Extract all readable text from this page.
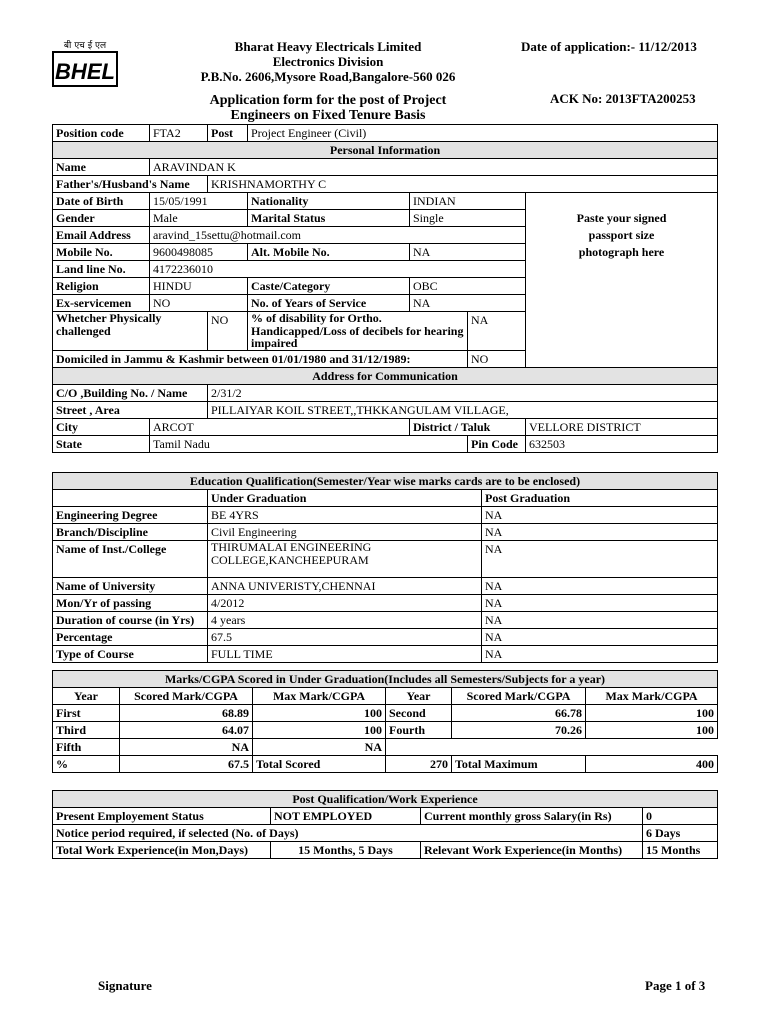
बी एच ई एल
BHEL
Bharat Heavy Electricals Limited
Electronics Division
P.B.No. 2606,Mysore Road,Bangalore-560 026
Date of application:- 11/12/2013
Application form for the post of Project
Engineers on Fixed Tenure Basis
ACK No: 2013FTA200253
Position code	FTA2	Post	Project Engineer (Civil)			
Personal Information						
Name	ARAVINDAN K					
Father's/Husband's Name		KRISHNAMORTHY C				
Date of Birth	15/05/1991		Nationality	INDIAN		
Gender	Male		Marital Status	Single		Paste your signed passport size photograph here

Email Address	aravind_15settu@hotmail.com					
Mobile No.	9600498085		Alt. Mobile No.	NA		
Land line No.	4172236010					
Religion	HINDU		Caste/Category	OBC		
Ex-servicemen	NO		No. of Years of Service	NA		
Whetcher Physically challenged		NO	% of disability for Ortho. Handicapped/Loss of decibels for hearing impaired		NA	
Domiciled in Jammu & Kashmir between 01/01/1980 and 31/12/1989:					NO	
Address for Communication						
C/O ,Building No. / Name		2/31/2				
Street , Area		PILLAIYAR KOIL STREET,,THKKANGULAM VILLAGE,				
City	ARCOT			District / Taluk		VELLORE DISTRICT
State	Tamil Nadu				Pin Code	632503
Education Qualification(Semester/Year wise marks cards are to be enclosed)		
	Under Graduation	Post Graduation
Engineering Degree	BE 4YRS	NA
Branch/Discipline	Civil Engineering	NA
Name of Inst./College	THIRUMALAI ENGINEERING COLLEGE,KANCHEEPURAM	NA
Name of University	ANNA UNIVERISTY,CHENNAI	NA
Mon/Yr of passing	4/2012	NA
Duration of course (in Yrs)	4 years	NA
Percentage	67.5	NA
Type of Course	FULL TIME	NA
Marks/CGPA Scored in Under Graduation(Includes all Semesters/Subjects for a year)					
Year	Scored Mark/CGPA	Max Mark/CGPA	Year	Scored Mark/CGPA	Max Mark/CGPA
First	68.89	100	Second	66.78	100
Third	64.07	100	Fourth	70.26	100
Fifth	NA	NA			
%	67.5	Total Scored	270	Total Maximum	400
Post Qualification/Work Experience			
Present Employement Status	NOT EMPLOYED	Current monthly gross Salary(in Rs)	0
Notice period required, if selected (No. of Days)			6 Days
Total Work Experience(in Mon,Days)	15 Months, 5 Days	Relevant Work Experience(in Months)	15 Months
Signature	Page 1 of 3
